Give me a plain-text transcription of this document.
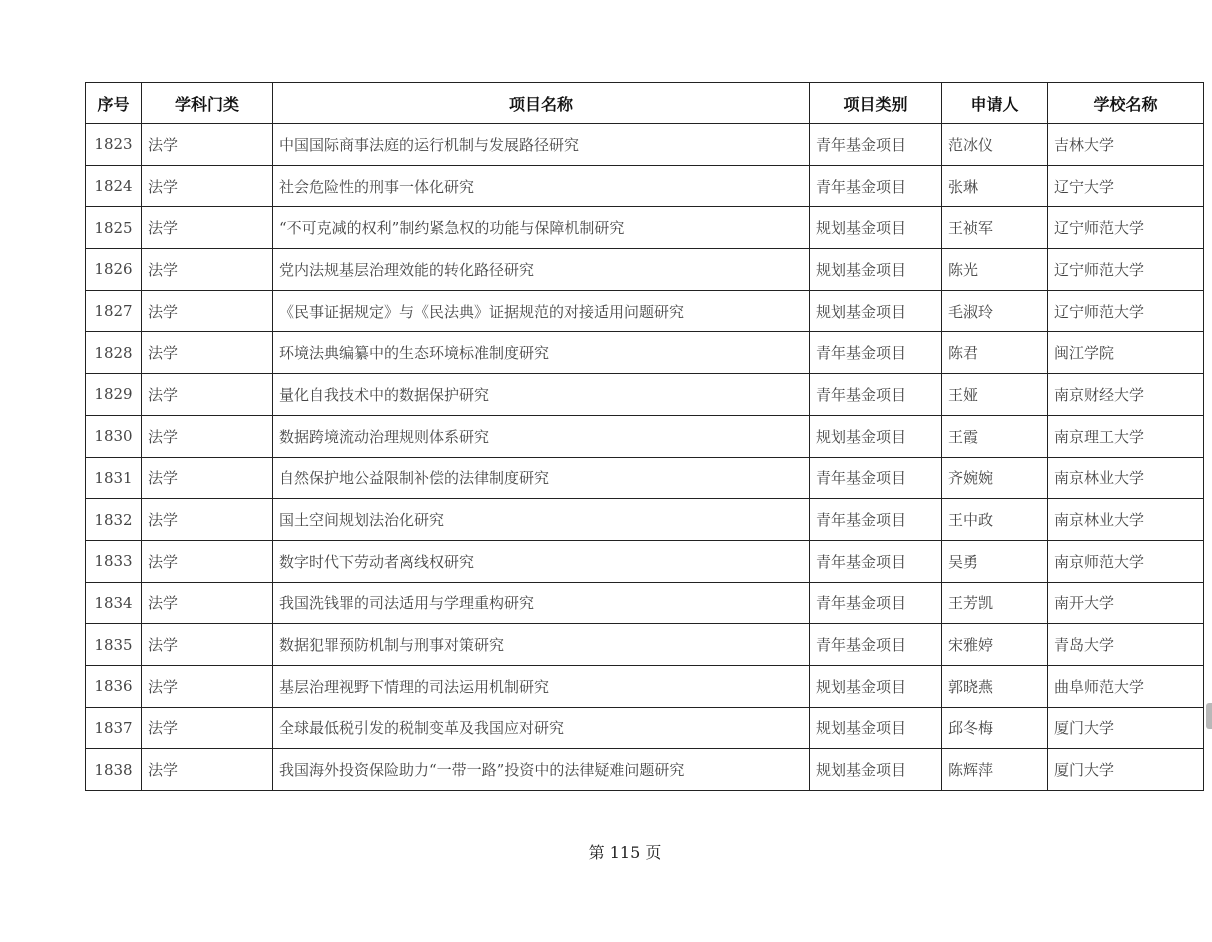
序号	学科门类	项目名称	项目类别	申请人	学校名称
1823	法学	中国国际商事法庭的运行机制与发展路径研究	青年基金项目	范冰仪	吉林大学
1824	法学	社会危险性的刑事一体化研究	青年基金项目	张琳	辽宁大学
1825	法学	“不可克减的权利”制约紧急权的功能与保障机制研究	规划基金项目	王祯军	辽宁师范大学
1826	法学	党内法规基层治理效能的转化路径研究	规划基金项目	陈光	辽宁师范大学
1827	法学	《民事证据规定》与《民法典》证据规范的对接适用问题研究	规划基金项目	毛淑玲	辽宁师范大学
1828	法学	环境法典编纂中的生态环境标准制度研究	青年基金项目	陈君	闽江学院
1829	法学	量化自我技术中的数据保护研究	青年基金项目	王娅	南京财经大学
1830	法学	数据跨境流动治理规则体系研究	规划基金项目	王霞	南京理工大学
1831	法学	自然保护地公益限制补偿的法律制度研究	青年基金项目	齐婉婉	南京林业大学
1832	法学	国土空间规划法治化研究	青年基金项目	王中政	南京林业大学
1833	法学	数字时代下劳动者离线权研究	青年基金项目	吴勇	南京师范大学
1834	法学	我国洗钱罪的司法适用与学理重构研究	青年基金项目	王芳凯	南开大学
1835	法学	数据犯罪预防机制与刑事对策研究	青年基金项目	宋雅婷	青岛大学
1836	法学	基层治理视野下情理的司法运用机制研究	规划基金项目	郭晓燕	曲阜师范大学
1837	法学	全球最低税引发的税制变革及我国应对研究	规划基金项目	邱冬梅	厦门大学
1838	法学	我国海外投资保险助力“一带一路”投资中的法律疑难问题研究	规划基金项目	陈辉萍	厦门大学
第 115 页
